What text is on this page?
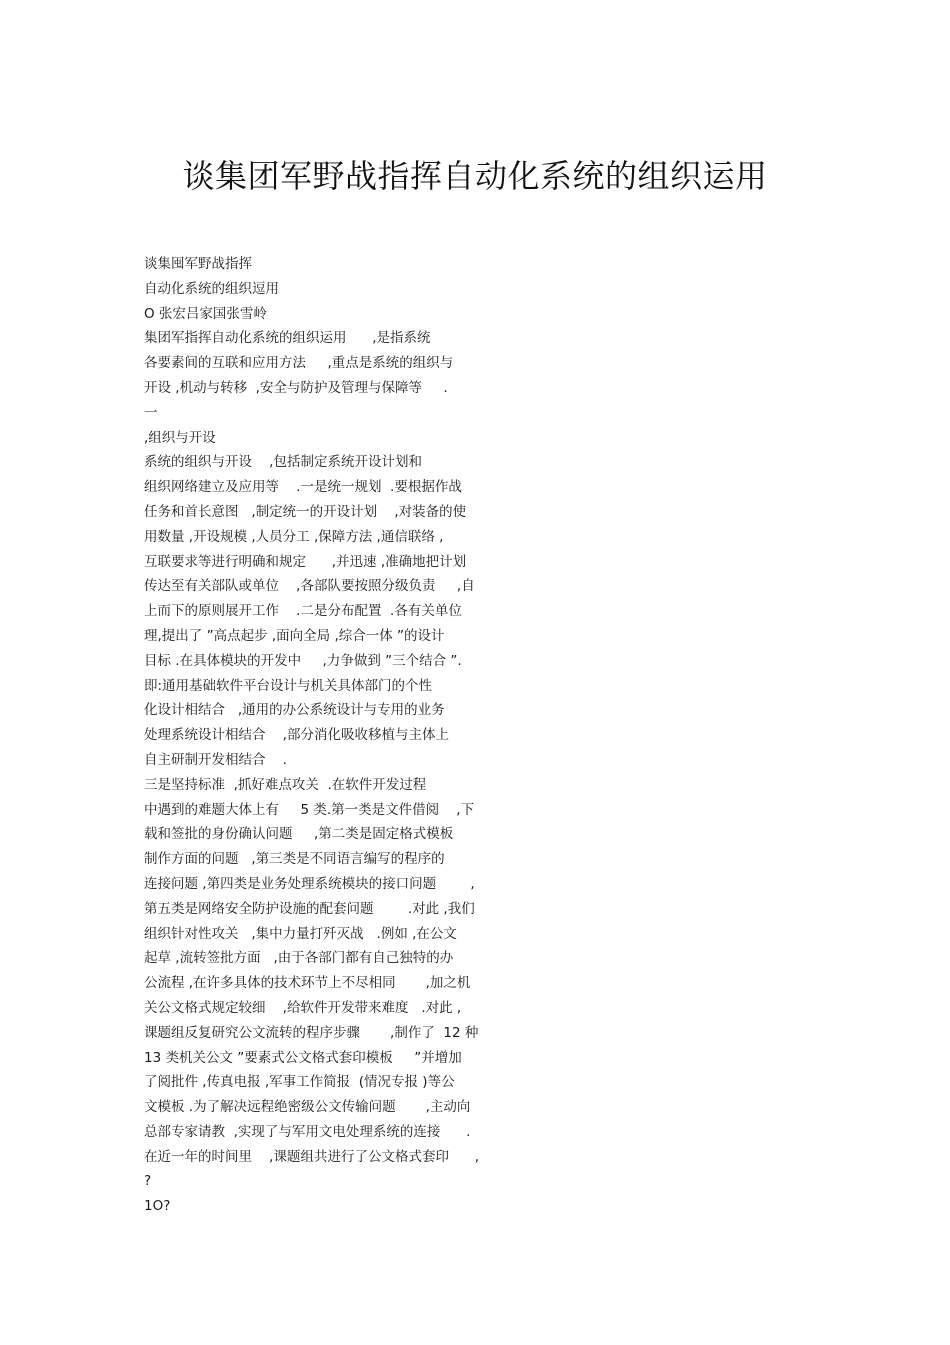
谈集团军野战指挥自动化系统的组织运用
谈集囤军野战指挥
自动化系统的组织逗用
O 张宏吕家国张雪岭
集团军指挥自动化系统的组织运用      ,是指系统
各要素间的互联和应用方法     ,重点是系统的组织与
开设 ,机动与转移  ,安全与防护及管理与保障等     .
一
,组织与开设
系统的组织与开设    ,包括制定系统开设计划和
组织网络建立及应用等    .一是统一规划  .要根据作战
任务和首长意图   ,制定统一的开设计划    ,对装备的使
用数量 ,开设规模 ,人员分工 ,保障方法 ,通信联络 ,
互联要求等进行明确和规定      ,并迅速 ,准确地把计划
传达至有关部队或单位    ,各部队要按照分级负责     ,自
上而下的原则展开工作    .二是分布配置  .各有关单位
理,提出了 ”高点起步 ,面向全局 ,综合一体 ”的设计
目标 .在具体模块的开发中     ,力争做到 ”三个结合 ”.
即:通用基础软件平台设计与机关具体部门的个性
化设计相结合   ,通用的办公系统设计与专用的业务
处理系统设计相结合    ,部分消化吸收移植与主体上
自主研制开发相结合    .
三是坚持标准  ,抓好难点攻关  .在软件开发过程
中遇到的难题大体上有     5 类.第一类是文件借阅    ,下
载和签批的身份确认问题     ,第二类是固定格式模板
制作方面的问题   ,第三类是不同语言编写的程序的
连接问题 ,第四类是业务处理系统模块的接口问题        ,
第五类是网络安全防护设施的配套问题        .对此 ,我们
组织针对性攻关   ,集中力量打歼灭战   .例如 ,在公文
起草 ,流转签批方面   ,由于各部门都有自己独特的办
公流程 ,在许多具体的技术环节上不尽相同       ,加之机
关公文格式规定较细    ,给软件开发带来难度   .对此 ,
课题组反复研究公文流转的程序步骤       ,制作了  12 种
13 类机关公文 ”要素式公文格式套印模板     ”并增加
了阅批件 ,传真电报 ,军事工作简报  (情况专报 )等公
文模板 .为了解决远程绝密级公文传输问题       ,主动向
总部专家请教  ,实现了与军用文电处理系统的连接      .
在近一年的时间里    ,课题组共进行了公文格式套印      ,
?
1O?
